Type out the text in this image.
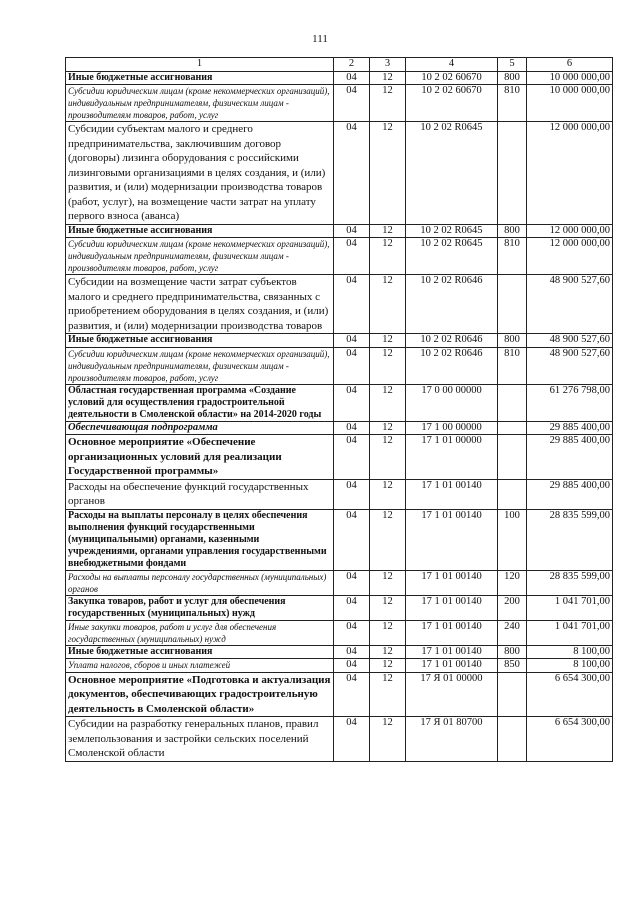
111
1	2	3	4	5	6
Иные бюджетные ассигнования	04	12	10 2 02 60670	800	10 000 000,00
Субсидии юридическим лицам (кроме некоммерческих организаций), индивидуальным предпринимателям, физическим лицам - производителям товаров, работ, услуг	04	12	10 2 02 60670	810	10 000 000,00
Субсидии субъектам малого и среднего предпринимательства, заключившим договор (договоры) лизинга оборудования с российскими лизинговыми организациями в целях создания, и (или) развития, и (или) модернизации производства товаров (работ, услуг), на возмещение части затрат на уплату первого взноса (аванса)	04	12	10 2 02 R0645		12 000 000,00
Иные бюджетные ассигнования	04	12	10 2 02 R0645	800	12 000 000,00
Субсидии юридическим лицам (кроме некоммерческих организаций), индивидуальным предпринимателям, физическим лицам - производителям товаров, работ, услуг	04	12	10 2 02 R0645	810	12 000 000,00
Субсидии на возмещение части затрат субъектов малого и среднего предпринимательства, связанных с приобретением оборудования в целях создания, и (или) развития, и (или) модернизации производства товаров	04	12	10 2 02 R0646		48 900 527,60
Иные бюджетные ассигнования	04	12	10 2 02 R0646	800	48 900 527,60
Субсидии юридическим лицам (кроме некоммерческих организаций), индивидуальным предпринимателям, физическим лицам - производителям товаров, работ, услуг	04	12	10 2 02 R0646	810	48 900 527,60
Областная государственная программа «Создание условий для осуществления градостроительной деятельности в Смоленской области» на 2014-2020 годы	04	12	17 0 00 00000		61 276 798,00
Обеспечивающая подпрограмма	04	12	17 1 00 00000		29 885 400,00
Основное мероприятие «Обеспечение организационных условий для реализации Государственной программы»	04	12	17 1 01 00000		29 885 400,00
Расходы на обеспечение функций государственных органов	04	12	17 1 01 00140		29 885 400,00
Расходы на выплаты персоналу в целях обеспечения выполнения функций государственными (муниципальными) органами, казенными учреждениями, органами управления государственными внебюджетными фондами	04	12	17 1 01 00140	100	28 835 599,00
Расходы на выплаты персоналу государственных (муниципальных) органов	04	12	17 1 01 00140	120	28 835 599,00
Закупка товаров, работ и услуг для обеспечения государственных (муниципальных) нужд	04	12	17 1 01 00140	200	1 041 701,00
Иные закупки товаров, работ и услуг для обеспечения государственных (муниципальных) нужд	04	12	17 1 01 00140	240	1 041 701,00
Иные бюджетные ассигнования	04	12	17 1 01 00140	800	8 100,00
Уплата налогов, сборов и иных платежей	04	12	17 1 01 00140	850	8 100,00
Основное мероприятие «Подготовка и актуализация документов, обеспечивающих градостроительную деятельность в Смоленской области»	04	12	17 Я 01 00000		6 654 300,00
Субсидии на разработку генеральных планов, правил землепользования и застройки сельских поселений Смоленской области	04	12	17 Я 01 80700		6 654 300,00
